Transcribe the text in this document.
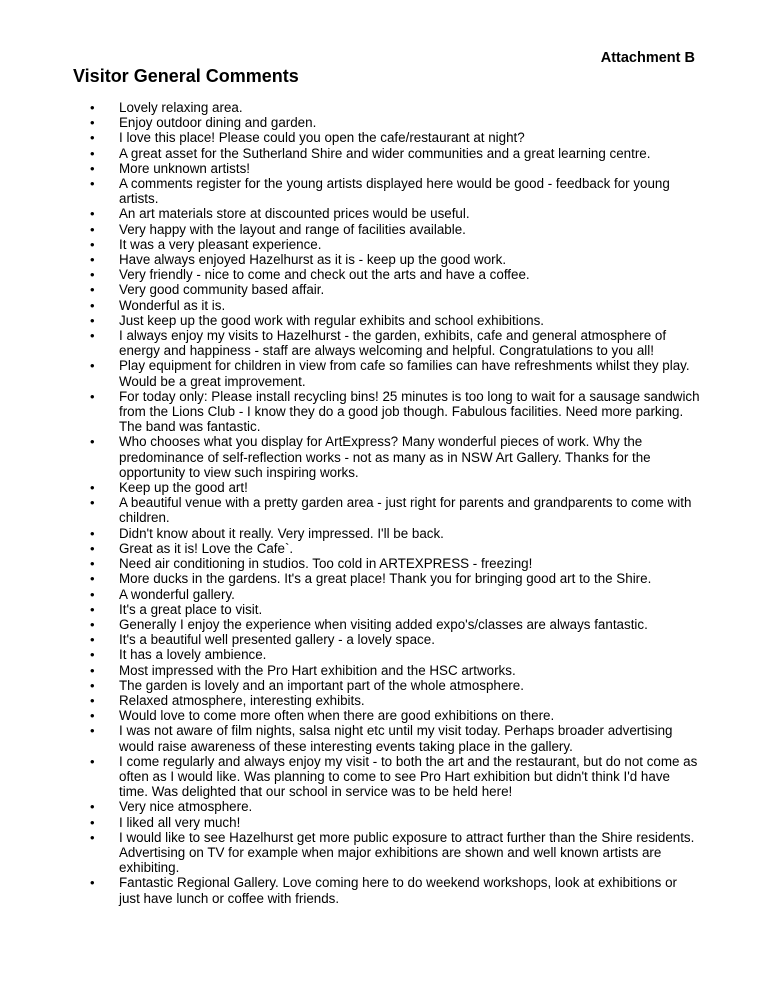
Attachment B
Visitor General Comments
• Lovely relaxing area.
• Enjoy outdoor dining and garden.
• I love this place! Please could you open the cafe/restaurant at night?
• A great asset for the Sutherland Shire and wider communities and a great learning centre.
• More unknown artists!
• A comments register for the young artists displayed here would be good - feedback for young artists.
• An art materials store at discounted prices would be useful.
• Very happy with the layout and range of facilities available.
• It was a very pleasant experience.
• Have always enjoyed Hazelhurst as it is - keep up the good work.
• Very friendly - nice to come and check out the arts and have a coffee.
• Very good community based affair.
• Wonderful as it is.
• Just keep up the good work with regular exhibits and school exhibitions.
• I always enjoy my visits to Hazelhurst - the garden, exhibits, cafe and general atmosphere of energy and happiness - staff are always welcoming and helpful. Congratulations to you all!
• Play equipment for children in view from cafe so families can have refreshments whilst they play. Would be a great improvement.
• For today only: Please install recycling bins! 25 minutes is too long to wait for a sausage sandwich from the Lions Club - I know they do a good job though. Fabulous facilities. Need more parking. The band was fantastic.
• Who chooses what you display for ArtExpress? Many wonderful pieces of work. Why the predominance of self-reflection works - not as many as in NSW Art Gallery. Thanks for the opportunity to view such inspiring works.
• Keep up the good art!
• A beautiful venue with a pretty garden area - just right for parents and grandparents to come with children.
• Didn't know about it really. Very impressed. I'll be back.
• Great as it is! Love the Cafe`.
• Need air conditioning in studios. Too cold in ARTEXPRESS - freezing!
• More ducks in the gardens. It's a great place! Thank you for bringing good art to the Shire.
• A wonderful gallery.
• It's a great place to visit.
• Generally I enjoy the experience when visiting added expo's/classes are always fantastic.
• It's a beautiful well presented gallery - a lovely space.
• It has a lovely ambience.
• Most impressed with the Pro Hart exhibition and the HSC artworks.
• The garden is lovely and an important part of the whole atmosphere.
• Relaxed atmosphere, interesting exhibits.
• Would love to come more often when there are good exhibitions on there.
• I was not aware of film nights, salsa night etc until my visit today. Perhaps broader advertising would raise awareness of these interesting events taking place in the gallery.
• I come regularly and always enjoy my visit - to both the art and the restaurant, but do not come as often as I would like. Was planning to come to see Pro Hart exhibition but didn't think I'd have time. Was delighted that our school in service was to be held here!
• Very nice atmosphere.
• I liked all very much!
• I would like to see Hazelhurst get more public exposure to attract further than the Shire residents. Advertising on TV for example when major exhibitions are shown and well known artists are exhibiting.
• Fantastic Regional Gallery. Love coming here to do weekend workshops, look at exhibitions or just have lunch or coffee with friends.
